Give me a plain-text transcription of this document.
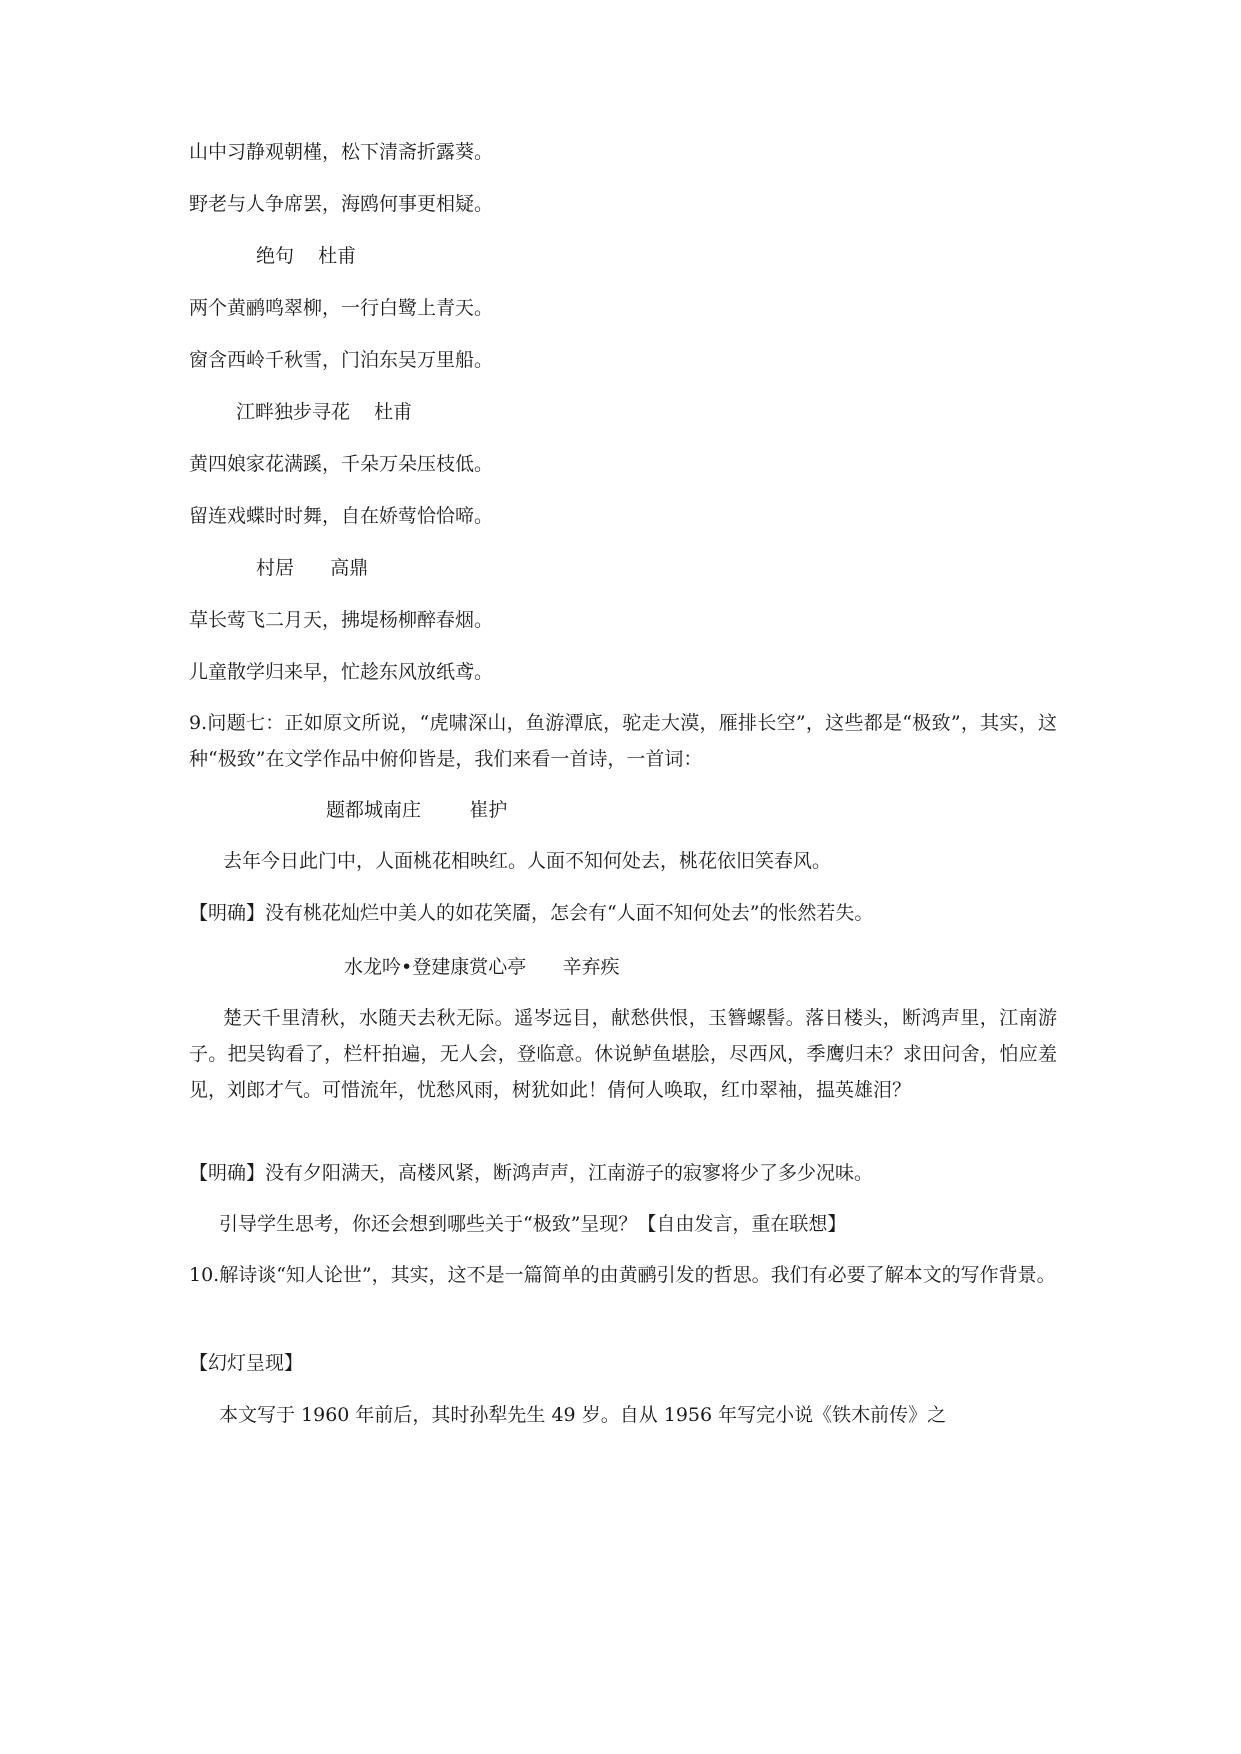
山中习静观朝槿，松下清斋折露葵。
野老与人争席罢，海鸥何事更相疑。
绝句    杜甫
两个黄鹂鸣翠柳，一行白鹭上青天。
窗含西岭千秋雪，门泊东吴万里船。
江畔独步寻花    杜甫
黄四娘家花满蹊，千朵万朵压枝低。
留连戏蝶时时舞，自在娇莺恰恰啼。
村居      高鼎
草长莺飞二月天，拂堤杨柳醉春烟。
儿童散学归来早，忙趁东风放纸鸢。
9.问题七：正如原文所说，“虎啸深山，鱼游潭底，驼走大漠，雁排长空”，这些都是“极致”，其实，这种“极致”在文学作品中俯仰皆是，我们来看一首诗，一首词：
题都城南庄        崔护
去年今日此门中，人面桃花相映红。人面不知何处去，桃花依旧笑春风。
【明确】没有桃花灿烂中美人的如花笑靥，怎会有“人面不知何处去”的怅然若失。
水龙吟•登建康赏心亭      辛弃疾
楚天千里清秋，水随天去秋无际。遥岑远目，献愁供恨，玉簪螺髻。落日楼头，断鸿声里，江南游子。把吴钩看了，栏杆拍遍，无人会，登临意。休说鲈鱼堪脍，尽西风，季鹰归未？求田问舍，怕应羞见，刘郎才气。可惜流年，忧愁风雨，树犹如此！倩何人唤取，红巾翠袖，揾英雄泪？
【明确】没有夕阳满天，高楼风紧，断鸿声声，江南游子的寂寥将少了多少况味。
引导学生思考，你还会想到哪些关于“极致”呈现？【自由发言，重在联想】
10.解诗谈“知人论世”，其实，这不是一篇简单的由黄鹂引发的哲思。我们有必要了解本文的写作背景。
【幻灯呈现】
本文写于 1960 年前后，其时孙犁先生 49 岁。自从 1956 年写完小说《铁木前传》之
